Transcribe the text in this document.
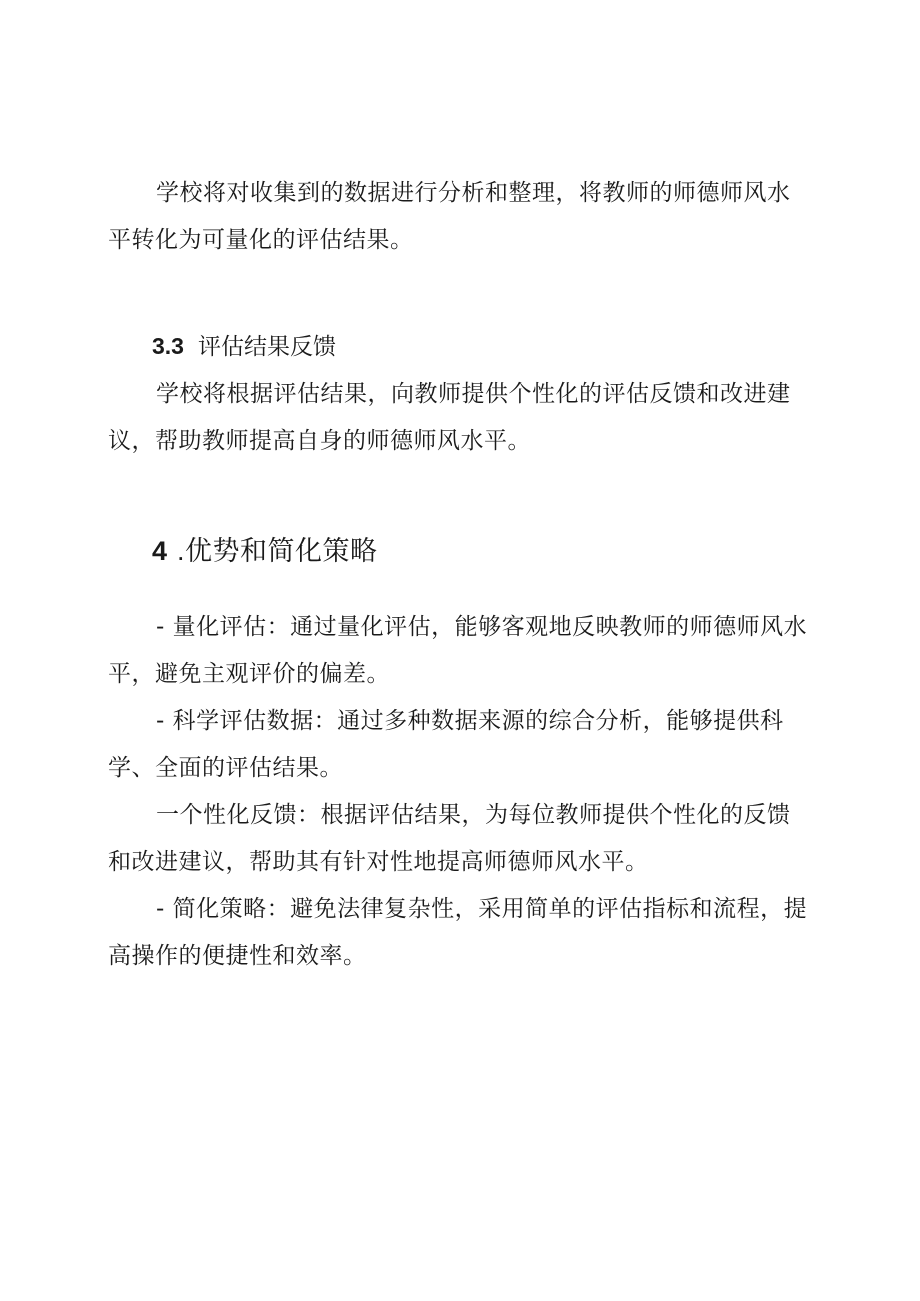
学校将对收集到的数据进行分析和整理，将教师的师德师风水平转化为可量化的评估结果。

3.3 评估结果反馈

学校将根据评估结果，向教师提供个性化的评估反馈和改进建议，帮助教师提高自身的师德师风水平。

4 .优势和简化策略

- 量化评估：通过量化评估，能够客观地反映教师的师德师风水平，避免主观评价的偏差。

- 科学评估数据：通过多种数据来源的综合分析，能够提供科学、全面的评估结果。

一个性化反馈：根据评估结果，为每位教师提供个性化的反馈和改进建议，帮助其有针对性地提高师德师风水平。

- 简化策略：避免法律复杂性，采用简单的评估指标和流程，提高操作的便捷性和效率。
